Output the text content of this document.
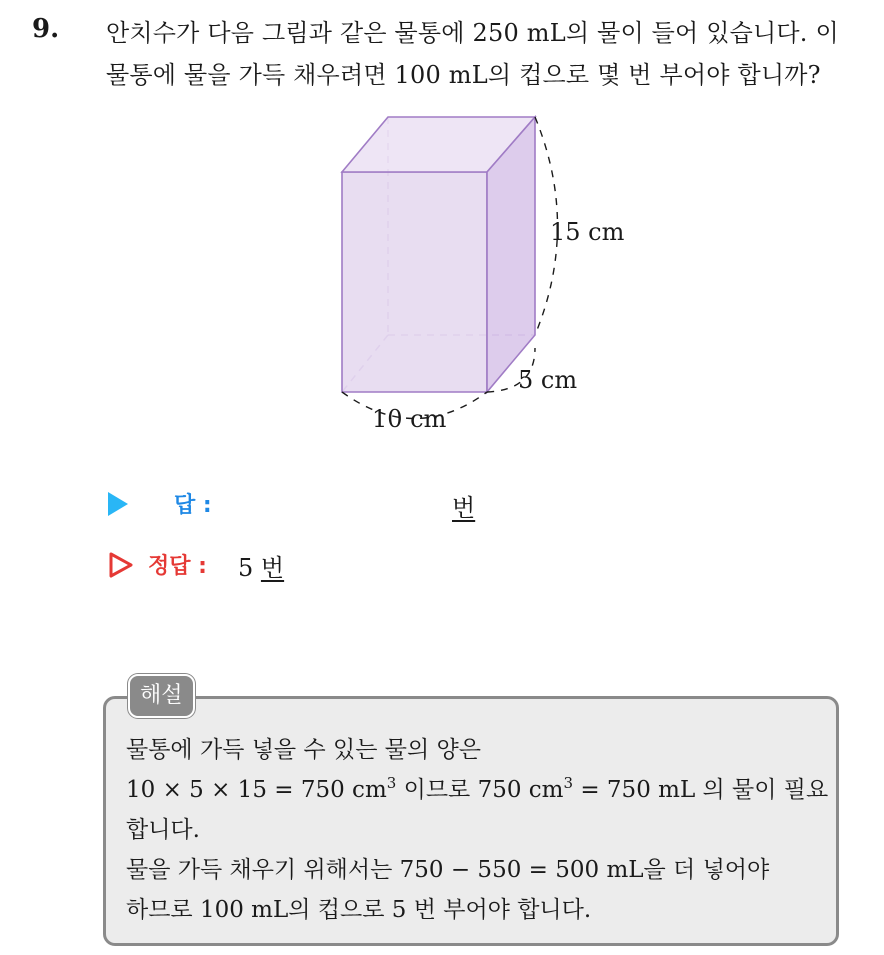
9. 안치수가 다음 그림과 같은 물통에 250 mL의 물이 들어 있습니다. 이
물통에 물을 가득 채우려면 100 mL의 컵으로 몇 번 부어야 합니까?
15 cm
5 cm
10 cm
답 :	번
정답 : 5 번
해설
물통에 가득 넣을 수 있는 물의 양은
10 × 5 × 15 = 750 $cm^3$ 이므로 750 $cm^3 = 750$ mL 의 물이 필요
합니다.
물을 가득 채우기 위해서는 750 − 550 = 500 mL을 더 넣어야
하므로 100 mL의 컵으로 5 번 부어야 합니다.
